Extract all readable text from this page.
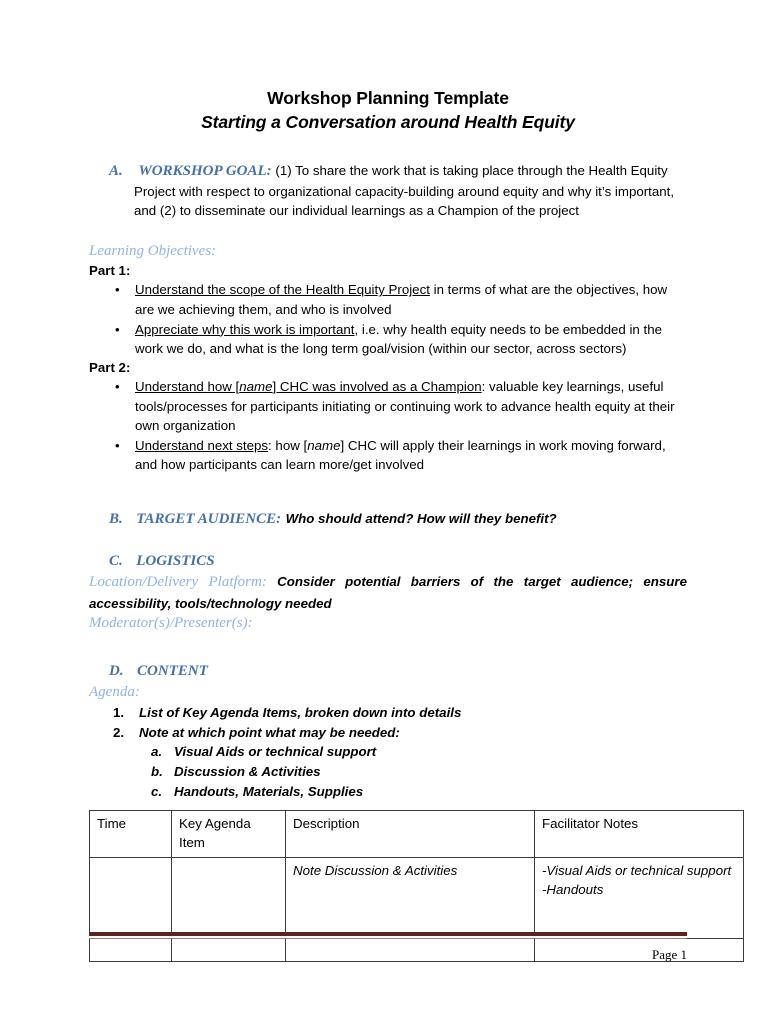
Workshop Planning Template
Starting a Conversation around Health Equity
A. WORKSHOP GOAL: (1) To share the work that is taking place through the Health Equity Project with respect to organizational capacity-building around equity and why it’s important, and (2) to disseminate our individual learnings as a Champion of the project
Learning Objectives:
Part 1:
• Understand the scope of the Health Equity Project in terms of what are the objectives, how are we achieving them, and who is involved
• Appreciate why this work is important, i.e. why health equity needs to be embedded in the work we do, and what is the long term goal/vision (within our sector, across sectors)
Part 2:
• Understand how [name] CHC was involved as a Champion: valuable key learnings, useful tools/processes for participants initiating or continuing work to advance health equity at their own organization
• Understand next steps: how [name] CHC will apply their learnings in work moving forward, and how participants can learn more/get involved
B. TARGET AUDIENCE: Who should attend? How will they benefit?
C. LOGISTICS

Location/Delivery Platform: Consider potential barriers of the target audience; ensure accessibility, tools/technology needed

Moderator(s)/Presenter(s):
D. CONTENT
Agenda:
1. List of Key Agenda Items, broken down into details
2. Note at which point what may be needed:
a. Visual Aids or technical support
b. Discussion & Activities
c. Handouts, Materials, Supplies
Time	Key Agenda Item	Description	Facilitator Notes
		Note Discussion & Activities	-Visual Aids or technical support
-Handouts

Page 1
